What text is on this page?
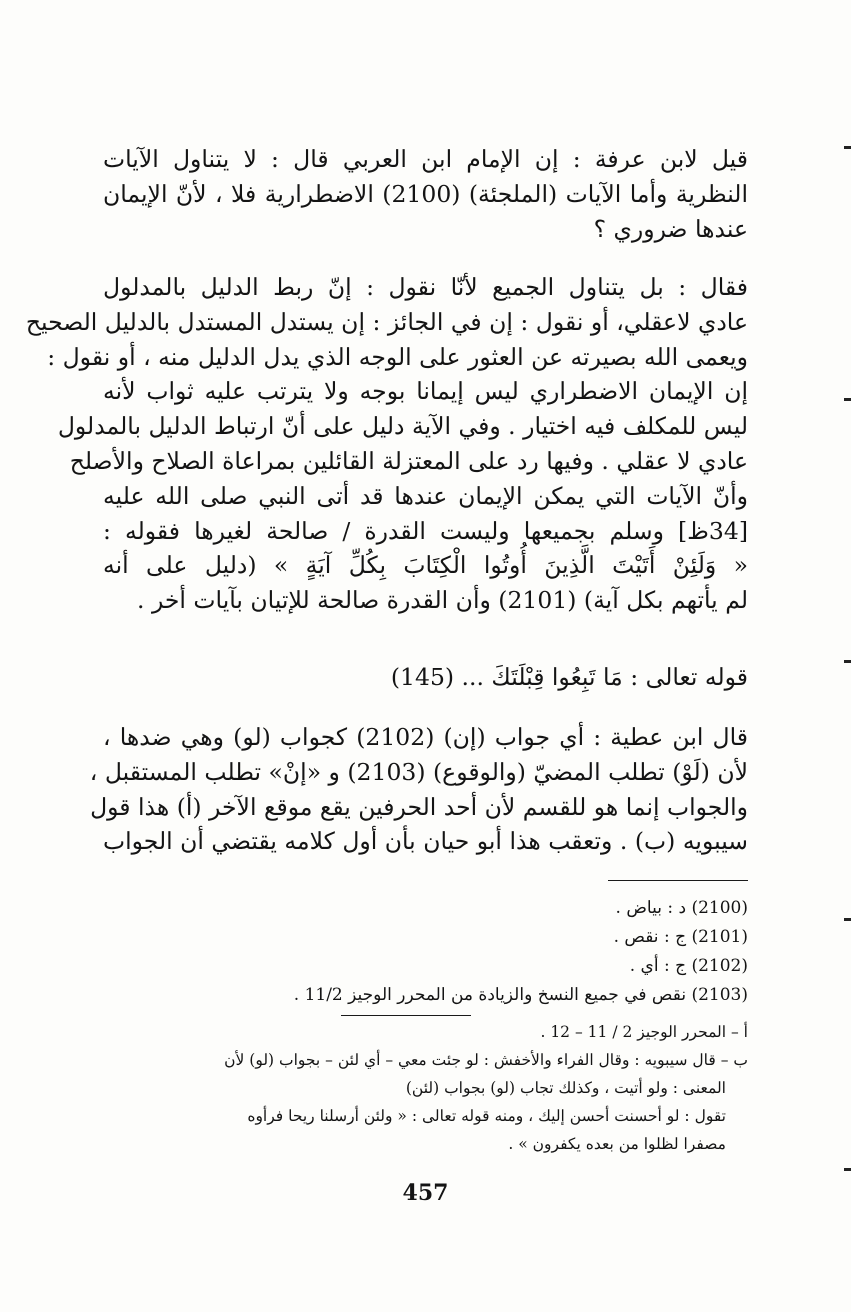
قيل لابن عرفة : إن الإمام ابن العربي قال : لا يتناول الآيات
النظرية وأما الآيات (الملجئة) (2100) الاضطرارية فلا ، لأنّ الإيمان
عندها ضروري ؟
فقال : بل يتناول الجميع لأنّا نقول : إنّ ربط الدليل بالمدلول
عادي لاعقلي، أو نقول : إن في الجائز : إن يستدل المستدل بالدليل الصحيح
ويعمى الله بصيرته عن العثور على الوجه الذي يدل الدليل منه ، أو نقول :
إن الإيمان الاضطراري ليس إيمانا بوجه ولا يترتب عليه ثواب لأنه
ليس للمكلف فيه اختيار . وفي الآية دليل على أنّ ارتباط الدليل بالمدلول
عادي لا عقلي . وفيها رد على المعتزلة القائلين بمراعاة الصلاح والأصلح
وأنّ الآيات التي يمكن الإيمان عندها قد أتى النبي صلى الله عليه
[34ظ] وسلم بجميعها وليست القدرة / صالحة لغيرها فقوله :
« وَلَئِنْ أَتَيْتَ الَّذِينَ أُوتُوا الْكِتَابَ بِكُلِّ آيَةٍ » (دليل على أنه
لم يأتهم بكل آية) (2101) وأن القدرة صالحة للإتيان بآيات أخر .
قوله تعالى : مَا تَبِعُوا قِبْلَتَكَ ... (145)
قال ابن عطية : أي جواب (إن) (2102) كجواب (لو) وهي ضدها ،
لأن (لَوْ) تطلب المضيّ (والوقوع) (2103) و «إنْ» تطلب المستقبل ،
والجواب إنما هو للقسم لأن أحد الحرفين يقع موقع الآخر (أ) هذا قول
سيبويه (ب) . وتعقب هذا أبو حيان بأن أول كلامه يقتضي أن الجواب
(2100) د : بياض .
(2101) ج : نقص .
(2102) ج : أي .
(2103) نقص في جميع النسخ والزيادة من المحرر الوجيز 11/2 .
أ – المحرر الوجيز 2 / 11 – 12 .
ب – قال سيبويه : وقال الفراء والأخفش : لو جئت معي – أي لئن – بجواب (لو) لأن
المعنى : ولو أتيت ، وكذلك تجاب (لو) بجواب (لئن)
تقول : لو أحسنت أحسن إليك ، ومنه قوله تعالى : « ولئن أرسلنا ريحا فرأوه
مصفرا لظلوا من بعده يكفرون » .
457
